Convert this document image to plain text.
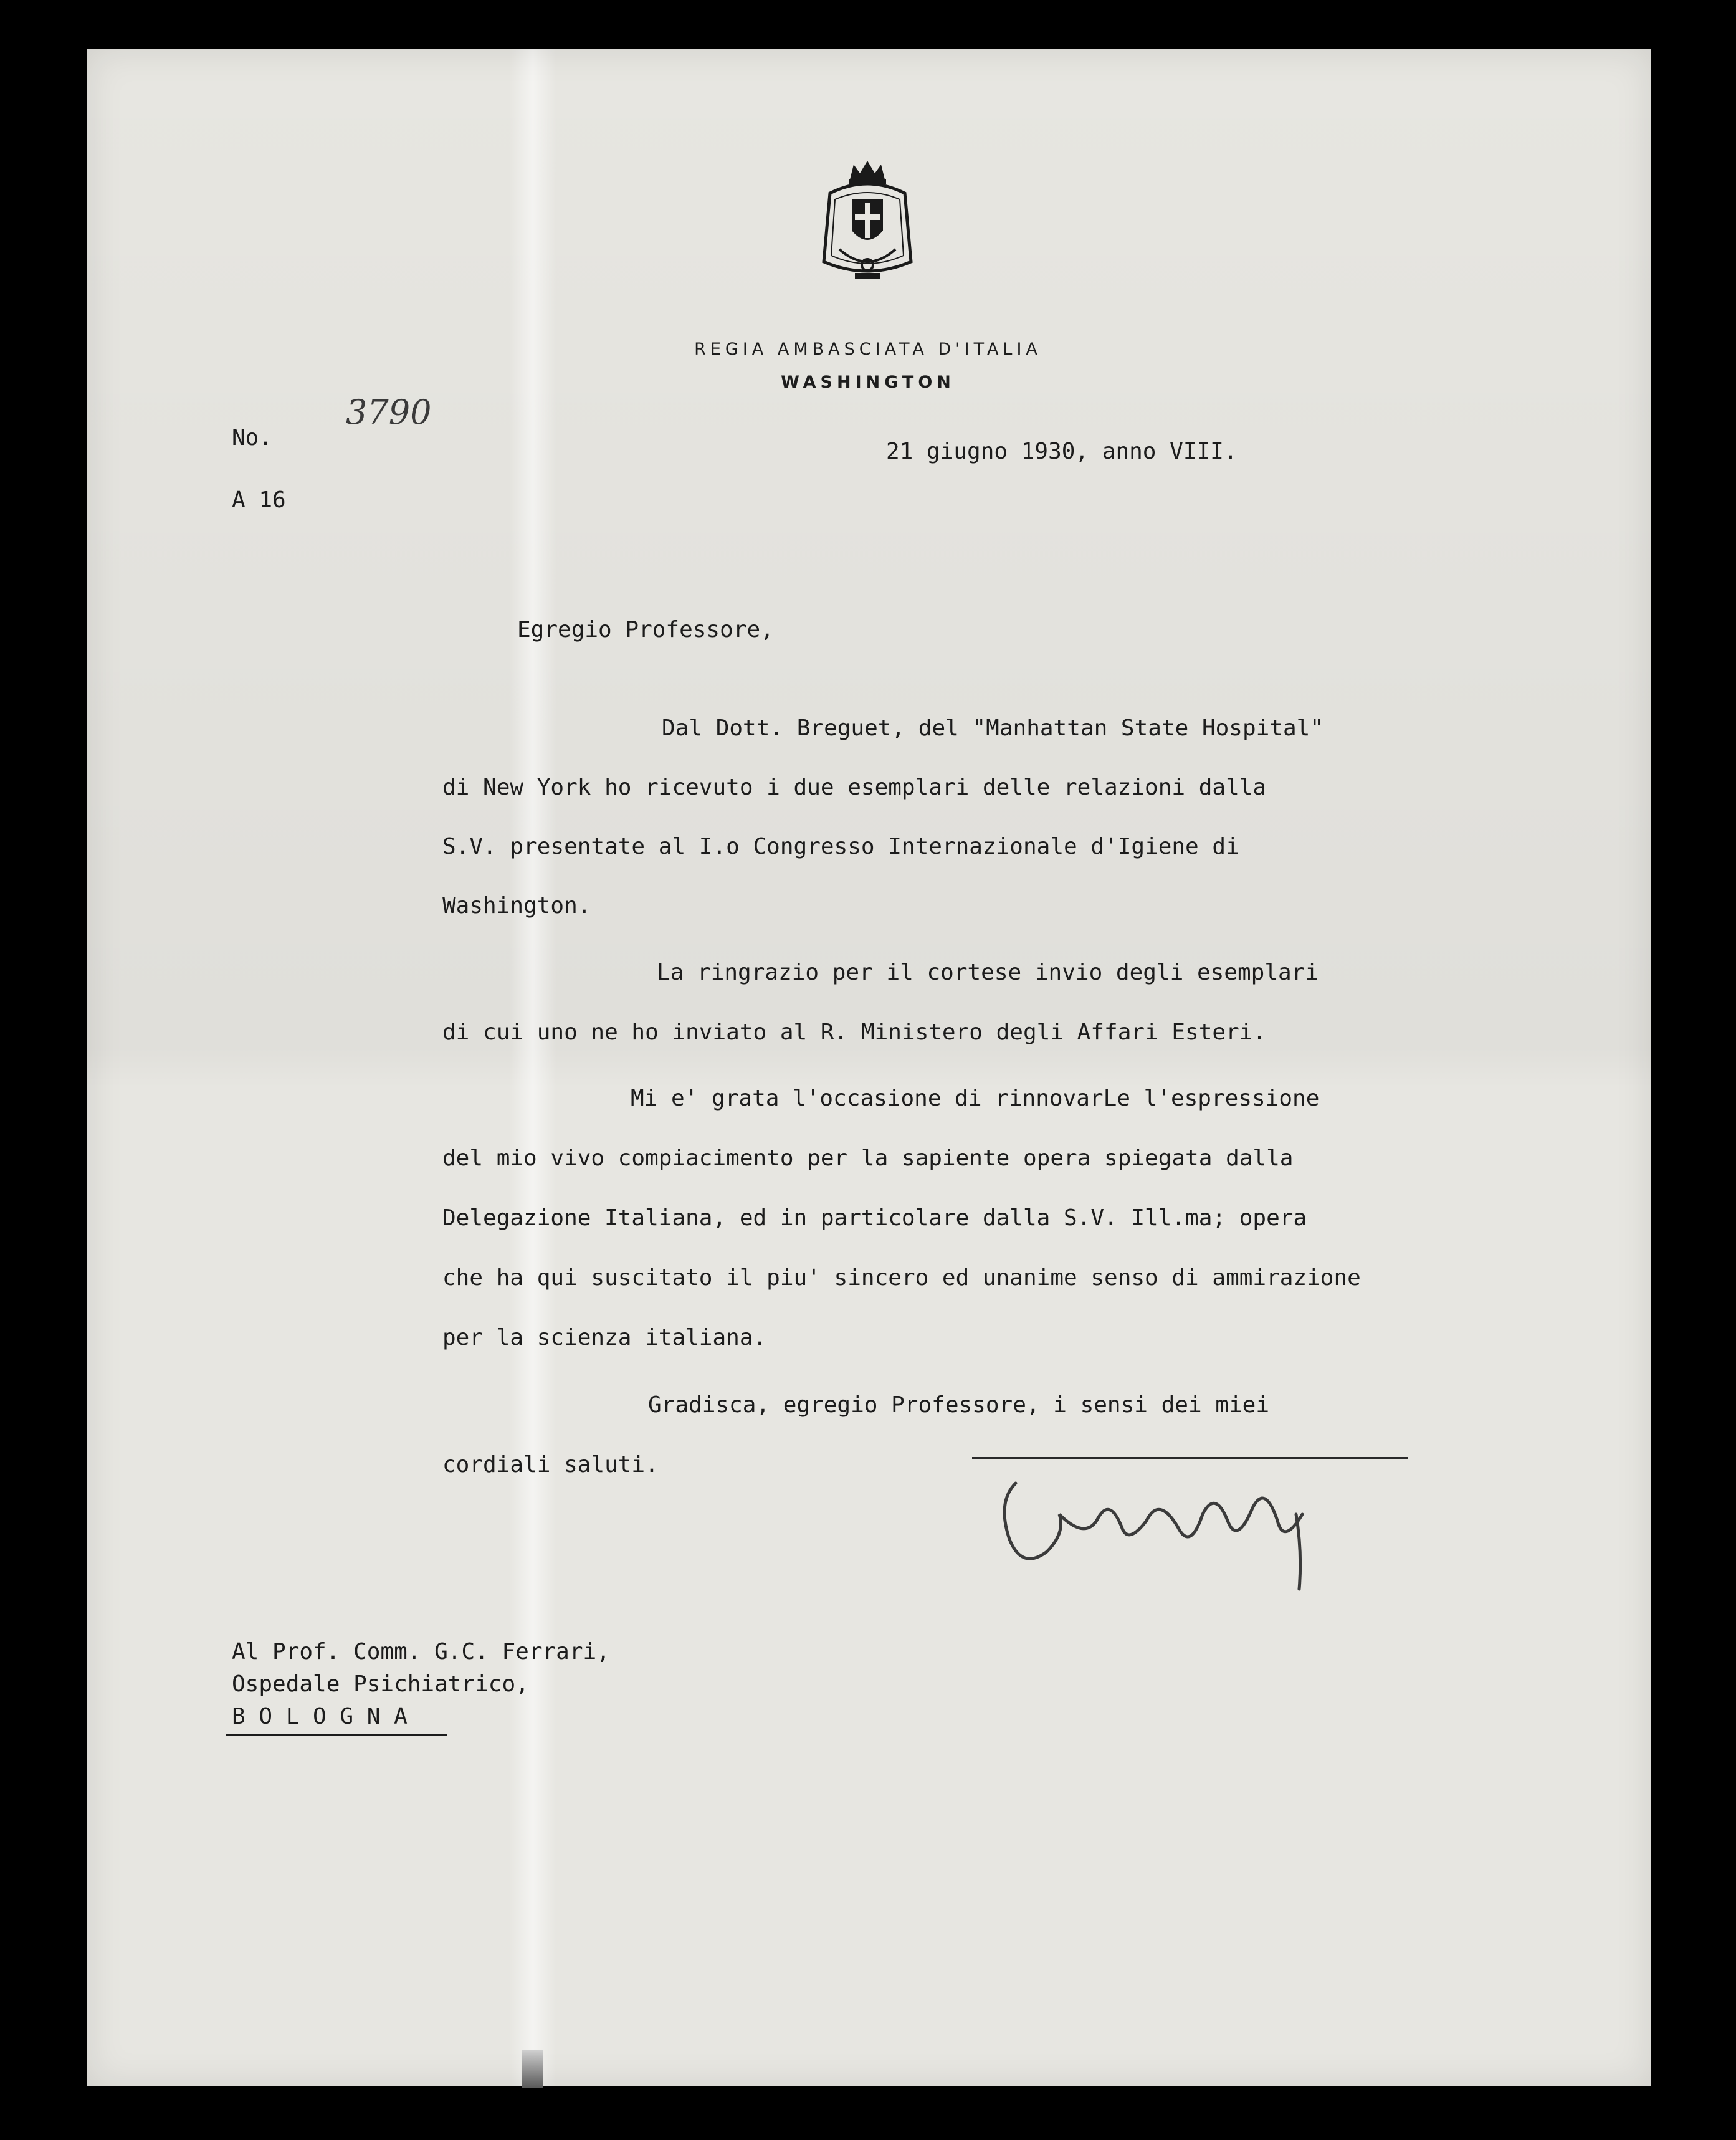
REGIA AMBASCIATA D'ITALIA
WASHINGTON
No.
3790
A 16
21 giugno 1930, anno VIII.
Egregio Professore,
Dal Dott. Breguet, del "Manhattan State Hospital"
di New York ho ricevuto i due esemplari delle relazioni dalla
S.V. presentate al I.o Congresso Internazionale d'Igiene di
Washington.
La ringrazio per il cortese invio degli esemplari
di cui uno ne ho inviato al R. Ministero degli Affari Esteri.
Mi e' grata l'occasione di rinnovarLe l'espressione
del mio vivo compiacimento per la sapiente opera spiegata dalla
Delegazione Italiana, ed in particolare dalla S.V. Ill.ma; opera
che ha qui suscitato il piu' sincero ed unanime senso di ammirazione
per la scienza italiana.
Gradisca, egregio Professore, i sensi dei miei
cordiali saluti.
Al Prof. Comm. G.C. Ferrari,
Ospedale Psichiatrico,
B O L O G N A
